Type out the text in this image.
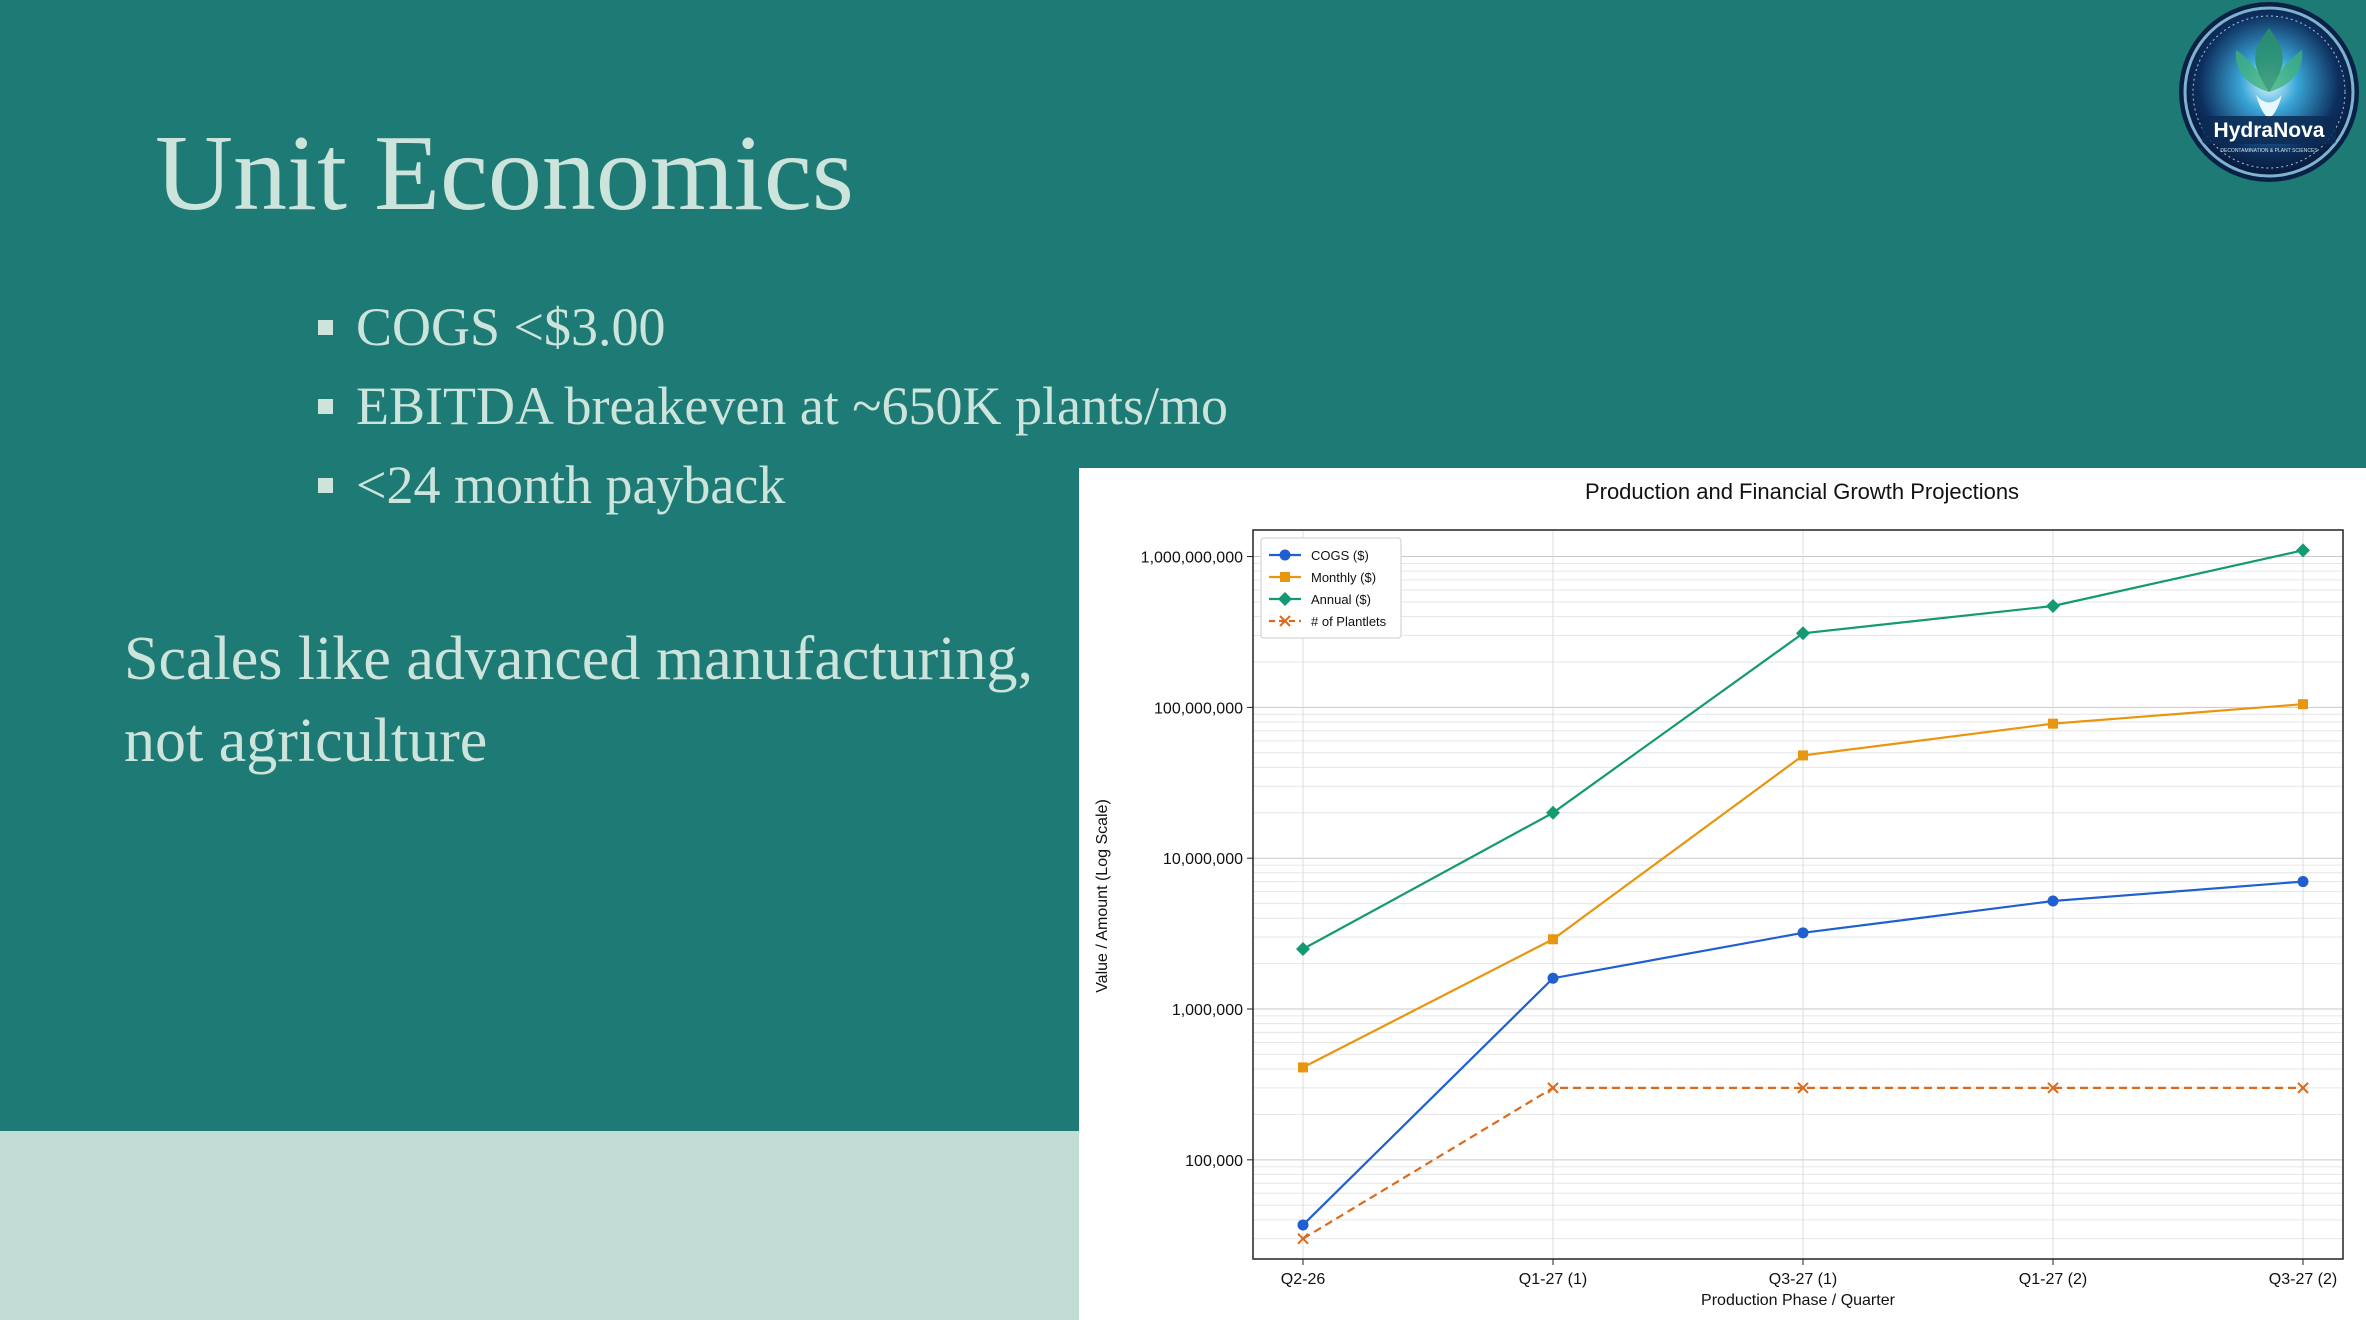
Unit Economics
COGS <$3.00
EBITDA breakeven at ~650K plants/mo
<24 month payback
Scales like advanced manufacturing,
not agriculture
HydraNova
DECONTAMINATION & PLANT SCIENCES
Production and Financial Growth Projections
100,000
1,000,000
10,000,000
100,000,000
1,000,000,000
Q2-26	Q1-27 (1)	Q3-27 (1)	Q1-27 (2)	Q3-27 (2)
Production Phase / Quarter
Value / Amount (Log Scale)
COGS ($)
Monthly ($)
Annual ($)
# of Plantlets
